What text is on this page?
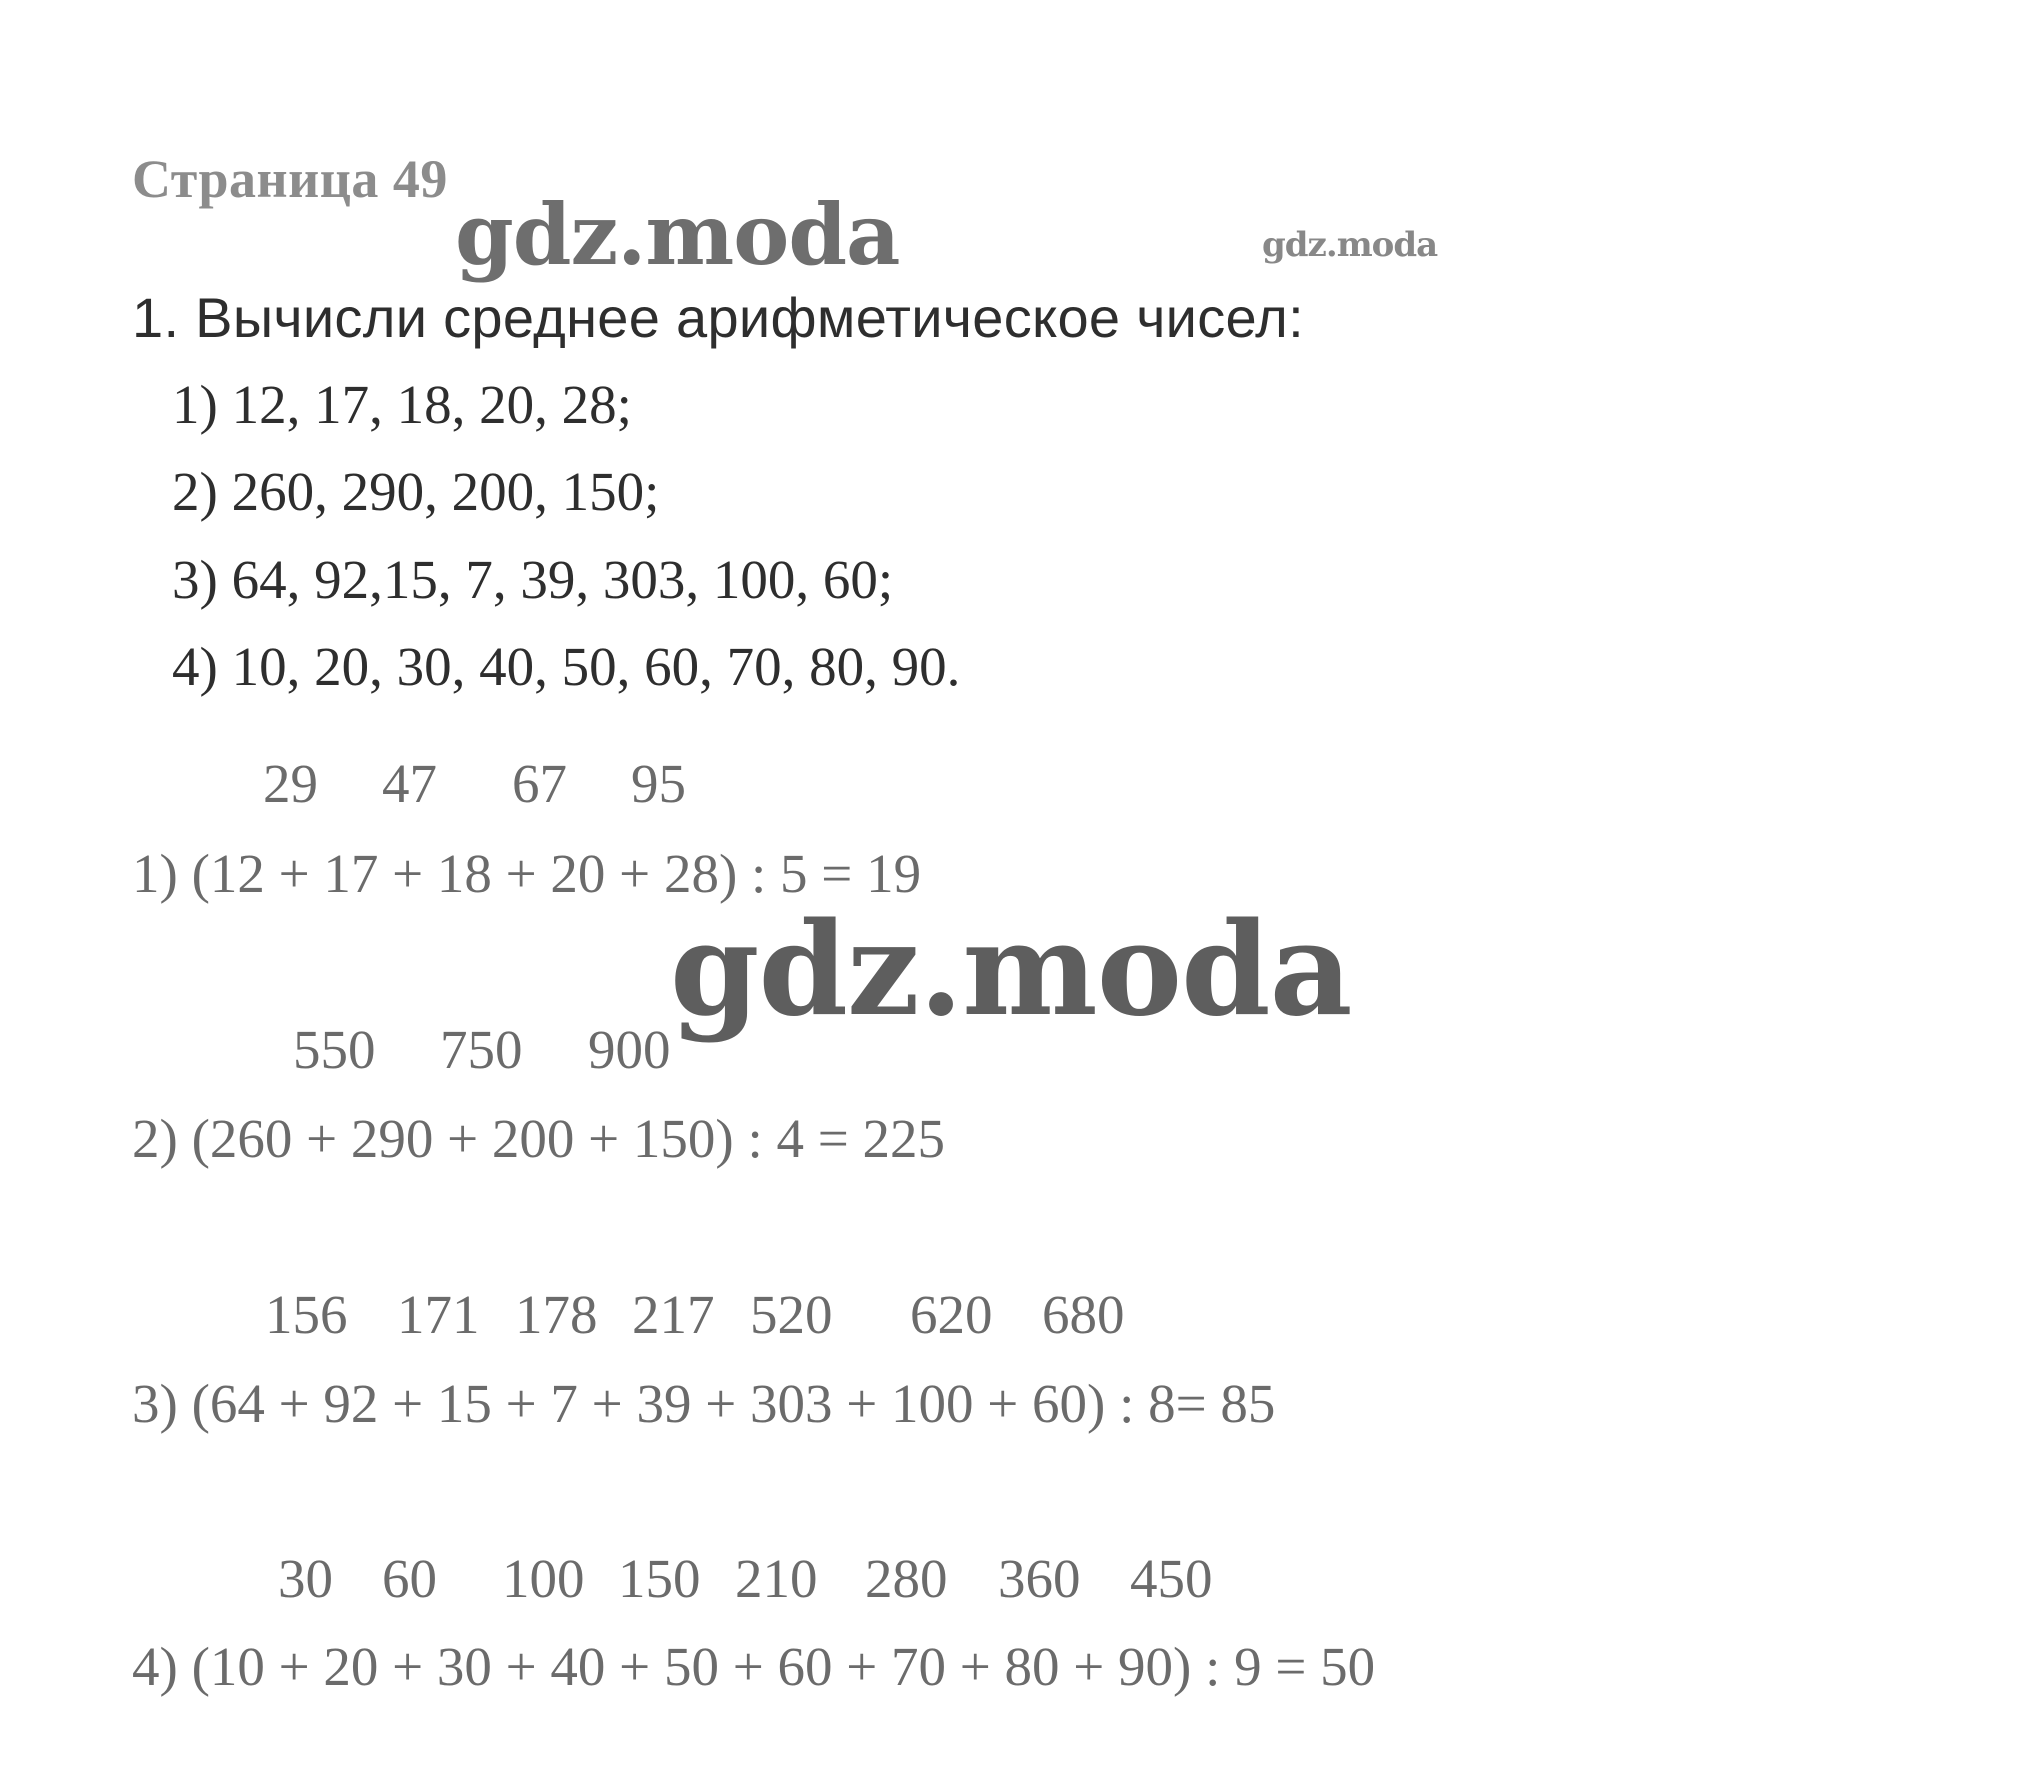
Страница 49
gdz.moda	gdz.moda
1. Вычисли среднее арифметическое чисел:
1) 12, 17, 18, 20, 28;
2) 260, 290, 200, 150;
3) 64, 92,15, 7, 39, 303, 100, 60;
4) 10, 20, 30, 40, 50, 60, 70, 80, 90.
29 47 67 95
1) (12 + 17 + 18 + 20 + 28) : 5 = 19
gdz.moda
550 750 900
2) (260 + 290 + 200 + 150) : 4 = 225
156 171 178 217 520 620 680
3) (64 + 92 + 15 + 7 + 39 + 303 + 100 + 60) : 8= 85
30 60 100 150 210 280 360 450
4) (10 + 20 + 30 + 40 + 50 + 60 + 70 + 80 + 90) : 9 = 50
